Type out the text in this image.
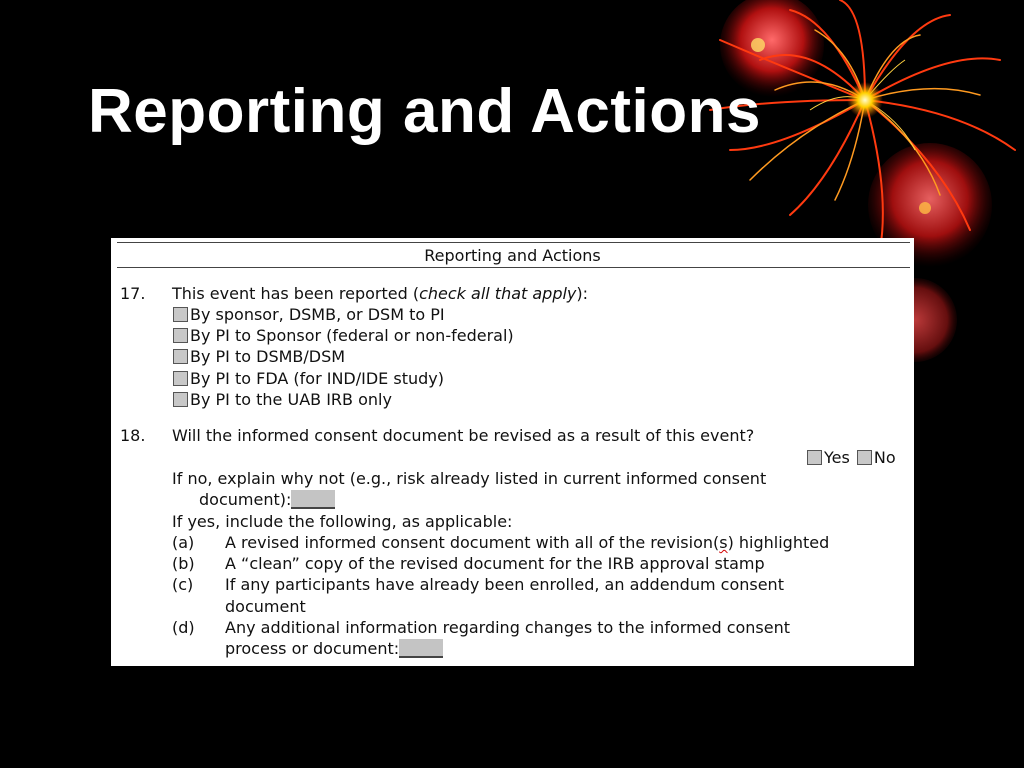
Reporting and Actions
Reporting and Actions
17. This event has been reported (check all that apply):
By sponsor, DSMB, or DSM to PI
By PI to Sponsor (federal or non-federal)
By PI to DSMB/DSM
By PI to FDA (for IND/IDE study)
By PI to the UAB IRB only
18. Will the informed consent document be revised as a result of this event?
Yes No
If no, explain why not (e.g., risk already listed in current informed consent
document):
If yes, include the following, as applicable:
(a) A revised informed consent document with all of the revision(s) highlighted
(b) A “clean” copy of the revised document for the IRB approval stamp
(c) If any participants have already been enrolled, an addendum consent
document
(d) Any additional information regarding changes to the informed consent
process or document:
